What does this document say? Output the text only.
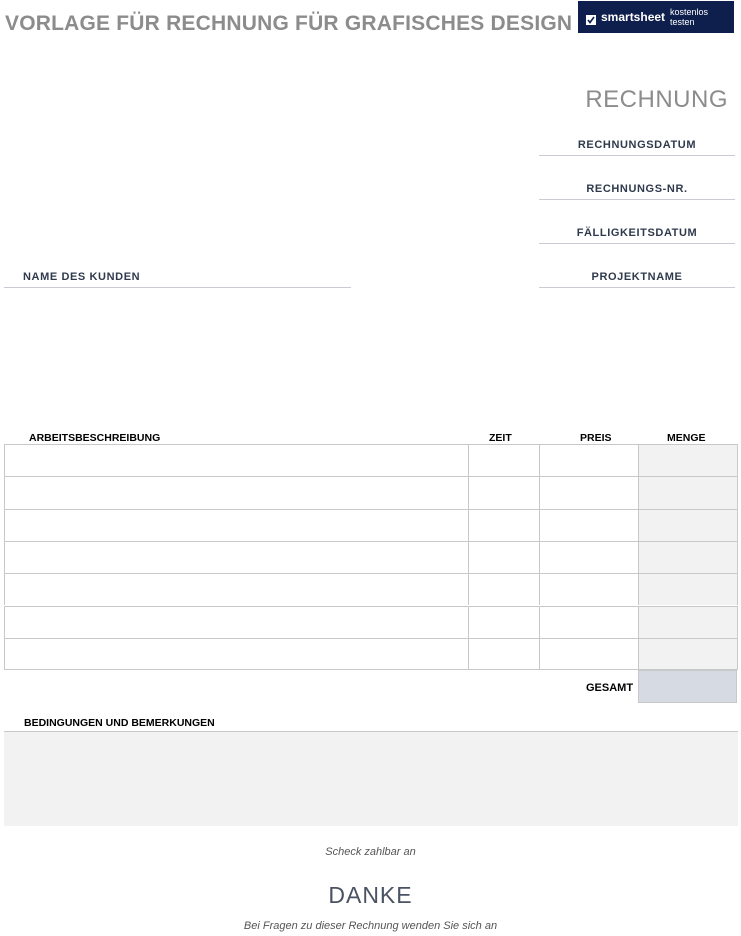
VORLAGE FÜR RECHNUNG FÜR GRAFISCHES DESIGN smartsheet kostenlos testen
RECHNUNG
RECHNUNGSDATUM
RECHNUNGS-NR.
FÄLLIGKEITSDATUM
PROJEKTNAME
NAME DES KUNDEN
ARBEITSBESCHREIBUNG	ZEIT	PREIS	MENGE
GESAMT
BEDINGUNGEN UND BEMERKUNGEN
Scheck zahlbar an
DANKE
Bei Fragen zu dieser Rechnung wenden Sie sich an
